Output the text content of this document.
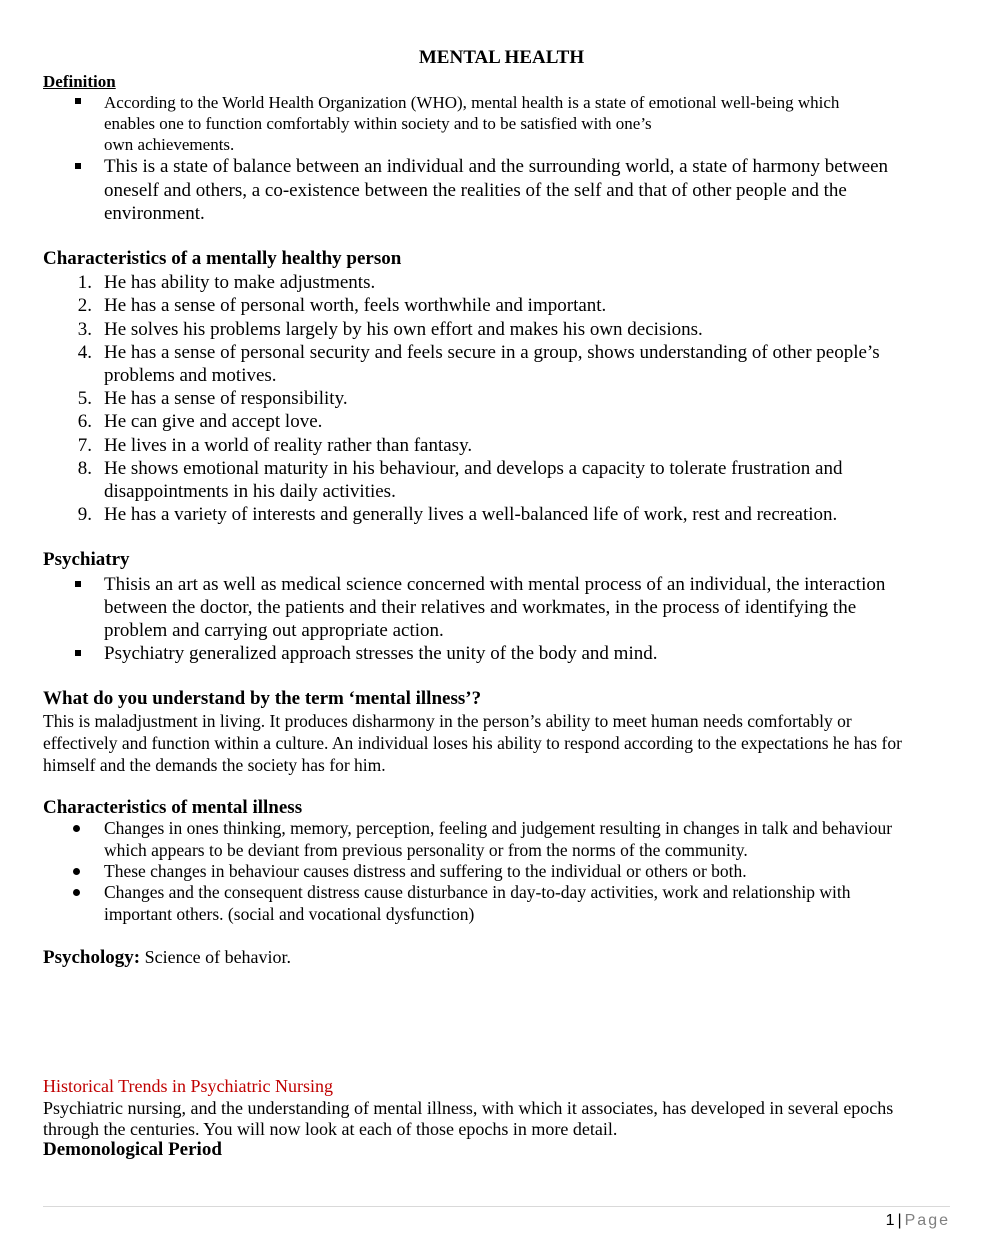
MENTAL HEALTH
Definition
According to the World Health Organization (WHO), mental health is a state of emotional well-being which
enables one to function comfortably within society and to be satisfied with one’s
own achievements.
This is a state of balance between an individual and the surrounding world, a state of harmony between
oneself and others, a co-existence between the realities of the self and that of other people and the
environment.
Characteristics of a mentally healthy person
1. He has ability to make adjustments.
2. He has a sense of personal worth, feels worthwhile and important.
3. He solves his problems largely by his own effort and makes his own decisions.
4. He has a sense of personal security and feels secure in a group, shows understanding of other people’s
problems and motives.
5. He has a sense of responsibility.
6. He can give and accept love.
7. He lives in a world of reality rather than fantasy.
8. He shows emotional maturity in his behaviour, and develops a capacity to tolerate frustration and
disappointments in his daily activities.
9. He has a variety of interests and generally lives a well-balanced life of work, rest and recreation.
Psychiatry
Thisis an art as well as medical science concerned with mental process of an individual, the interaction
between the doctor, the patients and their relatives and workmates, in the process of identifying the
problem and carrying out appropriate action.
Psychiatry generalized approach stresses the unity of the body and mind.
What do you understand by the term ‘mental illness’?
This is maladjustment in living. It produces disharmony in the person’s ability to meet human needs comfortably or
effectively and function within a culture. An individual loses his ability to respond according to the expectations he has for
himself and the demands the society has for him.
Characteristics of mental illness
Changes in ones thinking, memory, perception, feeling and judgement resulting in changes in talk and behaviour
which appears to be deviant from previous personality or from the norms of the community.
These changes in behaviour causes distress and suffering to the individual or others or both.
Changes and the consequent distress cause disturbance in day-to-day activities, work and relationship with
important others. (social and vocational dysfunction)
Psychology: Science of behavior.
Historical Trends in Psychiatric Nursing
Psychiatric nursing, and the understanding of mental illness, with which it associates, has developed in several epochs
through the centuries. You will now look at each of those epochs in more detail.
Demonological Period
1 | Page
